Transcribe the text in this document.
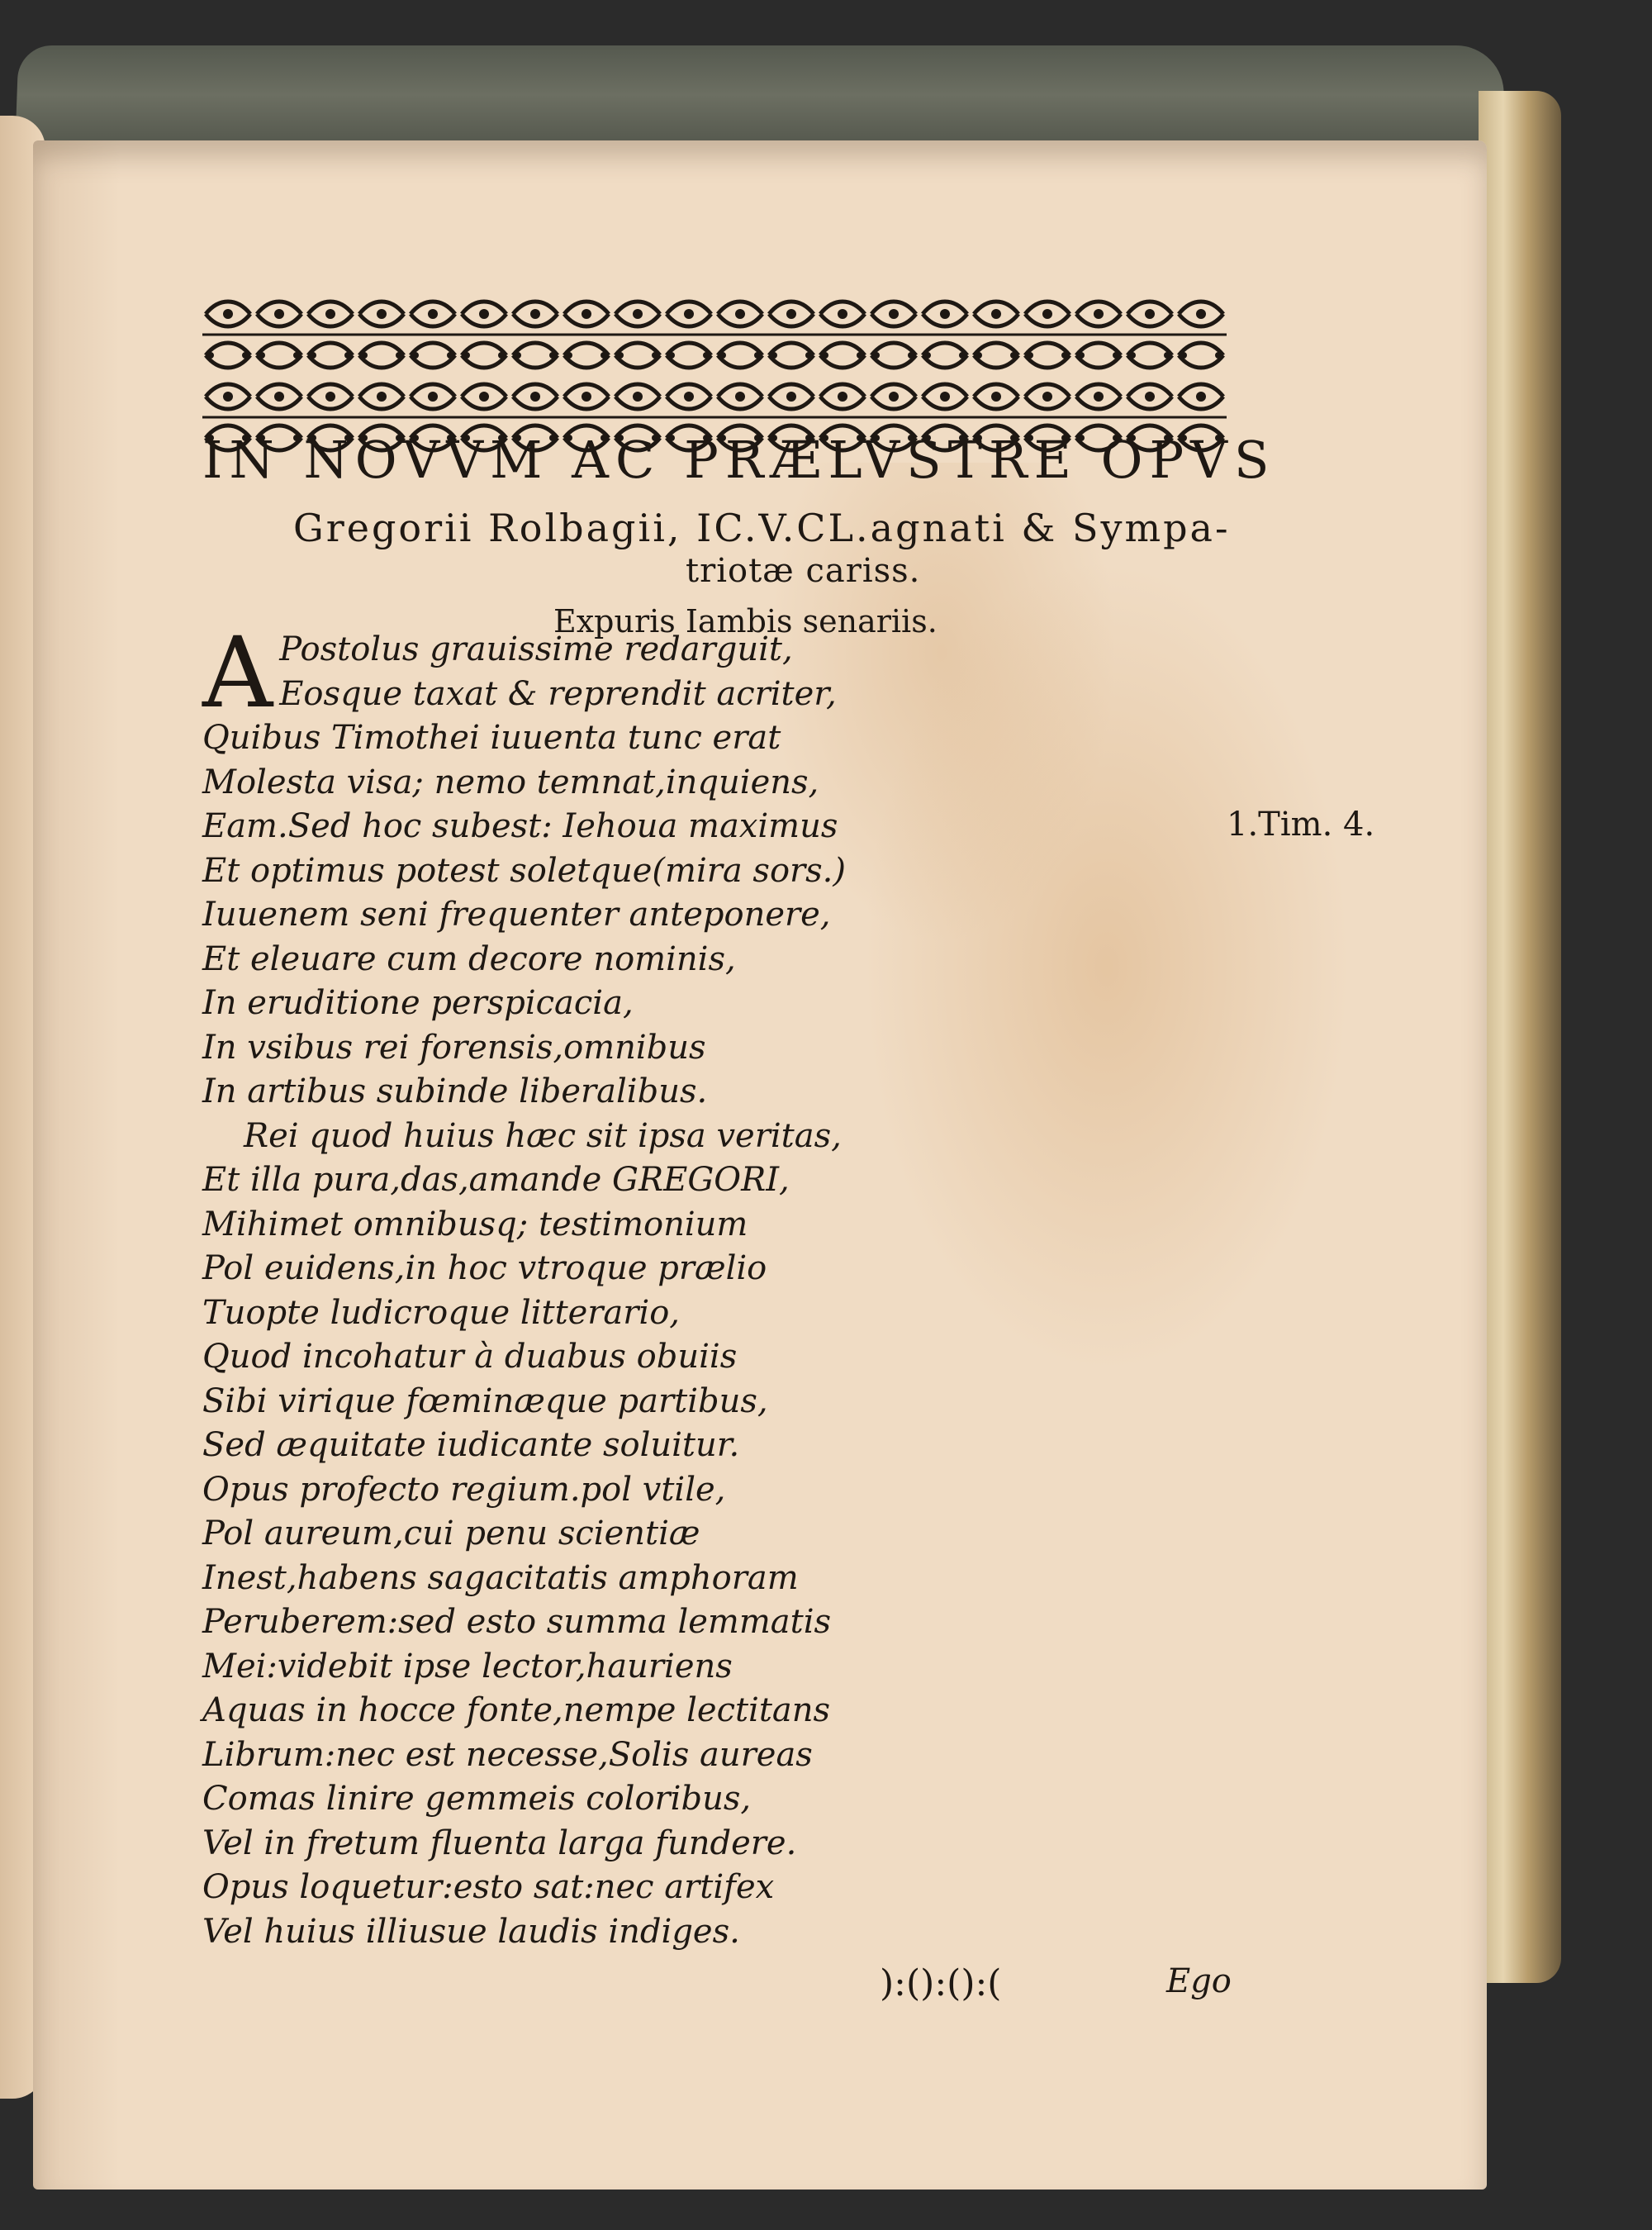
IN NOVVM AC PRÆLVSTRE OPVS
Gregorii Rolbagii, IC.V.CL.agnati & Sympa-
triotæ cariss.
Expuris Iambis senariis.
A Postolus grauissime redarguit,
Eosque taxat & reprendit acriter,
Quibus Timothei iuuenta tunc erat
Molesta visa; nemo temnat,inquiens,
Eam.Sed hoc subest: Iehoua maximus
Et optimus potest soletque(mira sors.)
Iuuenem seni frequenter anteponere,
Et eleuare cum decore nominis,
In eruditione perspicacia,
In vsibus rei forensis,omnibus
In artibus subinde liberalibus.
Rei quod huius hæc sit ipsa veritas,
Et illa pura,das,amande GREGORI,
Mihimet omnibusq; testimonium
Pol euidens,in hoc vtroque prælio
Tuopte ludicroque litterario,
Quod incohatur à duabus obuiis
Sibi virique fœminæque partibus,
Sed æquitate iudicante soluitur.
Opus profecto regium.pol vtile,
Pol aureum,cui penu scientiæ
Inest,habens sagacitatis amphoram
Peruberem:sed esto summa lemmatis
Mei:videbit ipse lector,hauriens
Aquas in hocce fonte,nempe lectitans
Librum:nec est necesse,Solis aureas
Comas linire gemmeis coloribus,
Vel in fretum fluenta larga fundere.
Opus loquetur:esto sat:nec artifex
Vel huius illiusue laudis indiges.
1.Tim. 4.
):():():(	Ego
